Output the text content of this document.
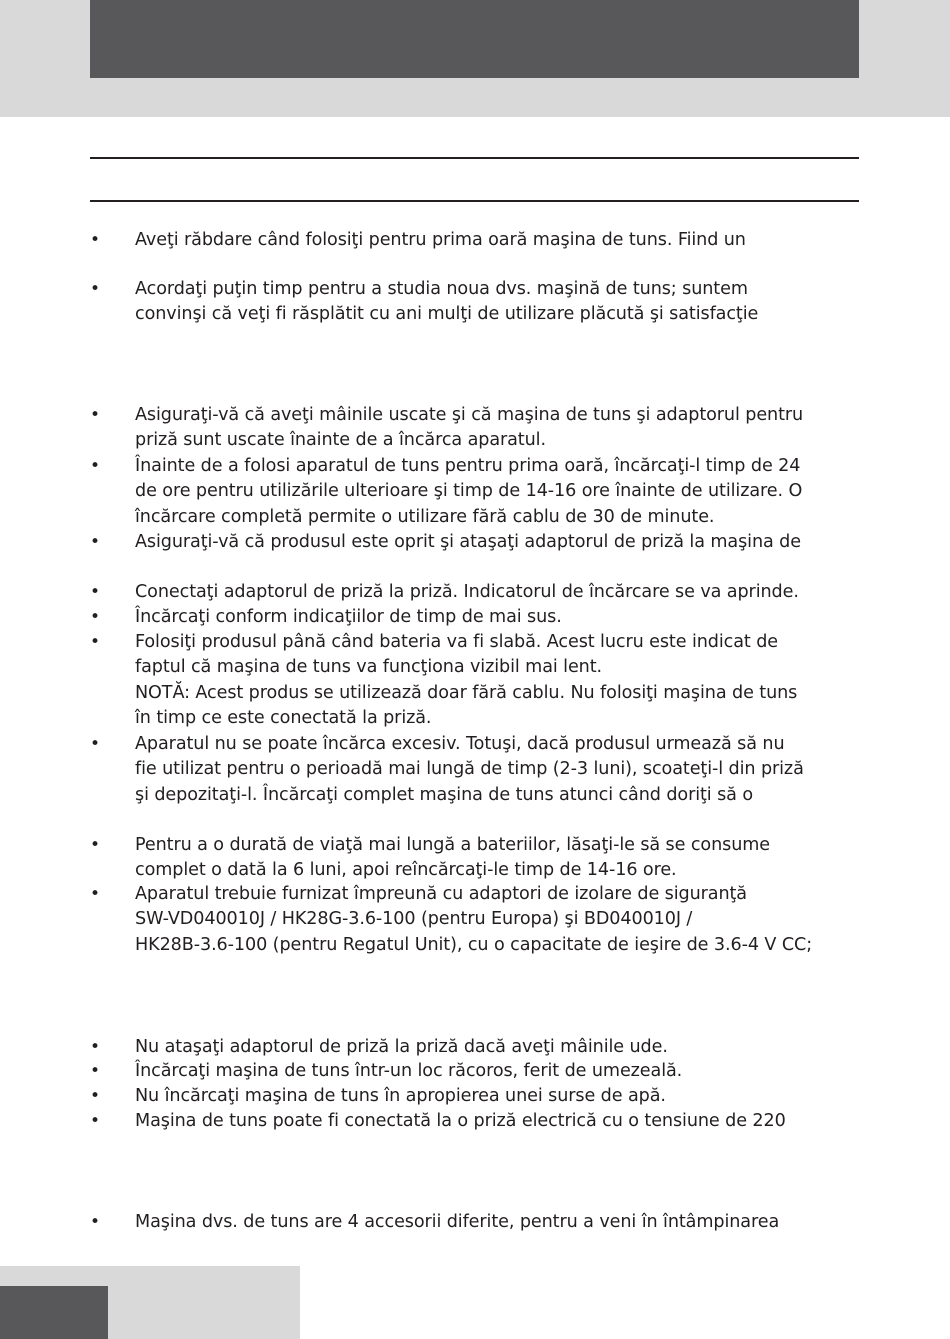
• Aveţi răbdare când folosiţi pentru prima oară maşina de tuns. Fiind un
• Acordaţi puţin timp pentru a studia noua dvs. maşină de tuns; suntem
convinşi că veţi fi răsplătit cu ani mulţi de utilizare plăcută şi satisfacţie
• Asiguraţi-vă că aveţi mâinile uscate şi că maşina de tuns şi adaptorul pentru
priză sunt uscate înainte de a încărca aparatul.
• Înainte de a folosi aparatul de tuns pentru prima oară, încărcaţi-l timp de 24
de ore pentru utilizările ulterioare şi timp de 14-16 ore înainte de utilizare. O
încărcare completă permite o utilizare fără cablu de 30 de minute.
• Asiguraţi-vă că produsul este oprit şi ataşaţi adaptorul de priză la maşina de
• Conectaţi adaptorul de priză la priză. Indicatorul de încărcare se va aprinde.
• Încărcaţi conform indicaţiilor de timp de mai sus.
• Folosiţi produsul până când bateria va fi slabă. Acest lucru este indicat de
faptul că maşina de tuns va funcţiona vizibil mai lent.
NOTĂ: Acest produs se utilizează doar fără cablu. Nu folosiţi maşina de tuns
în timp ce este conectată la priză.
• Aparatul nu se poate încărca excesiv. Totuşi, dacă produsul urmează să nu
fie utilizat pentru o perioadă mai lungă de timp (2-3 luni), scoateţi-l din priză
şi depozitaţi-l. Încărcaţi complet maşina de tuns atunci când doriţi să o
• Pentru a o durată de viaţă mai lungă a bateriilor, lăsaţi-le să se consume
complet o dată la 6 luni, apoi reîncărcaţi-le timp de 14-16 ore.
• Aparatul trebuie furnizat împreună cu adaptori de izolare de siguranţă
SW-VD040010J / HK28G-3.6-100 (pentru Europa) şi BD040010J /
HK28B-3.6-100 (pentru Regatul Unit), cu o capacitate de ieşire de 3.6-4 V CC;
• Nu ataşaţi adaptorul de priză la priză dacă aveţi mâinile ude.
• Încărcaţi maşina de tuns într-un loc răcoros, ferit de umezeală.
• Nu încărcaţi maşina de tuns în apropierea unei surse de apă.
• Maşina de tuns poate fi conectată la o priză electrică cu o tensiune de 220
• Maşina dvs. de tuns are 4 accesorii diferite, pentru a veni în întâmpinarea
